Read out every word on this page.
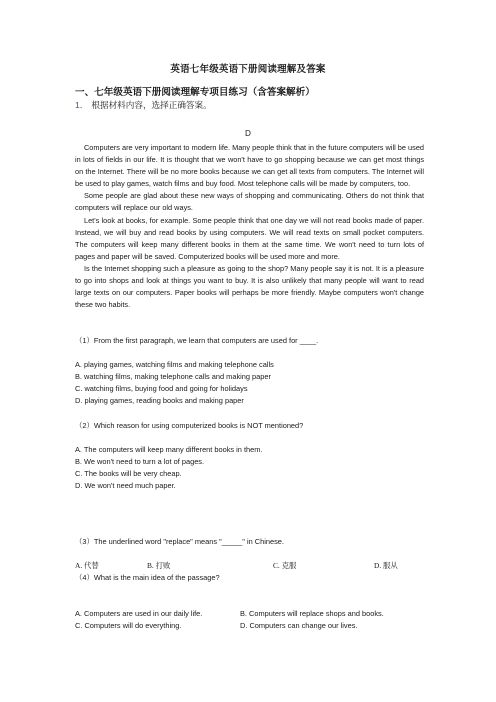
英语七年级英语下册阅读理解及答案
一、七年级英语下册阅读理解专项目练习（含答案解析）
1． 根据材料内容，选择正确答案。
D

Computers are very important to modern life. Many people think that in the future computers will be used in lots of fields in our life. It is thought that we won't have to go shopping because we can get most things on the Internet. There will be no more books because we can get all texts from computers. The Internet will be used to play games, watch films and buy food. Most telephone calls will be made by computers, too.

Some people are glad about these new ways of shopping and communicating. Others do not think that computers will replace our old ways.

Let's look at books, for example. Some people think that one day we will not read books made of paper. Instead, we will buy and read books by using computers. We will read texts on small pocket computers. The computers will keep many different books in them at the same time. We won't need to turn lots of pages and paper will be saved. Computerized books will be used more and more.

Is the Internet shopping such a pleasure as going to the shop? Many people say it is not. It is a pleasure to go into shops and look at things you want to buy. It is also unlikely that many people will want to read large texts on our computers. Paper books will perhaps be more friendly. Maybe computers won't change these two habits.

（1）From the first paragraph, we learn that computers are used for ____.

A. playing games, watching films and making telephone calls

B. watching films, making telephone calls and making paper

C. watching films, buying food and going for holidays

D. playing games, reading books and making paper

（2）Which reason for using computerized books is NOT mentioned?

A. The computers will keep many different books in them.

B. We won't need to turn a lot of pages.

C. The books will be very cheap.

D. We won't need much paper.

（3）The underlined word "replace" means "_____" in Chinese.

A. 代替	B. 打败	C. 克服	D. 服从

（4）What is the main idea of the passage?

A. Computers are used in our daily life.	B. Computers will replace shops and books.
C. Computers will do everything.	D. Computers can change our lives.
